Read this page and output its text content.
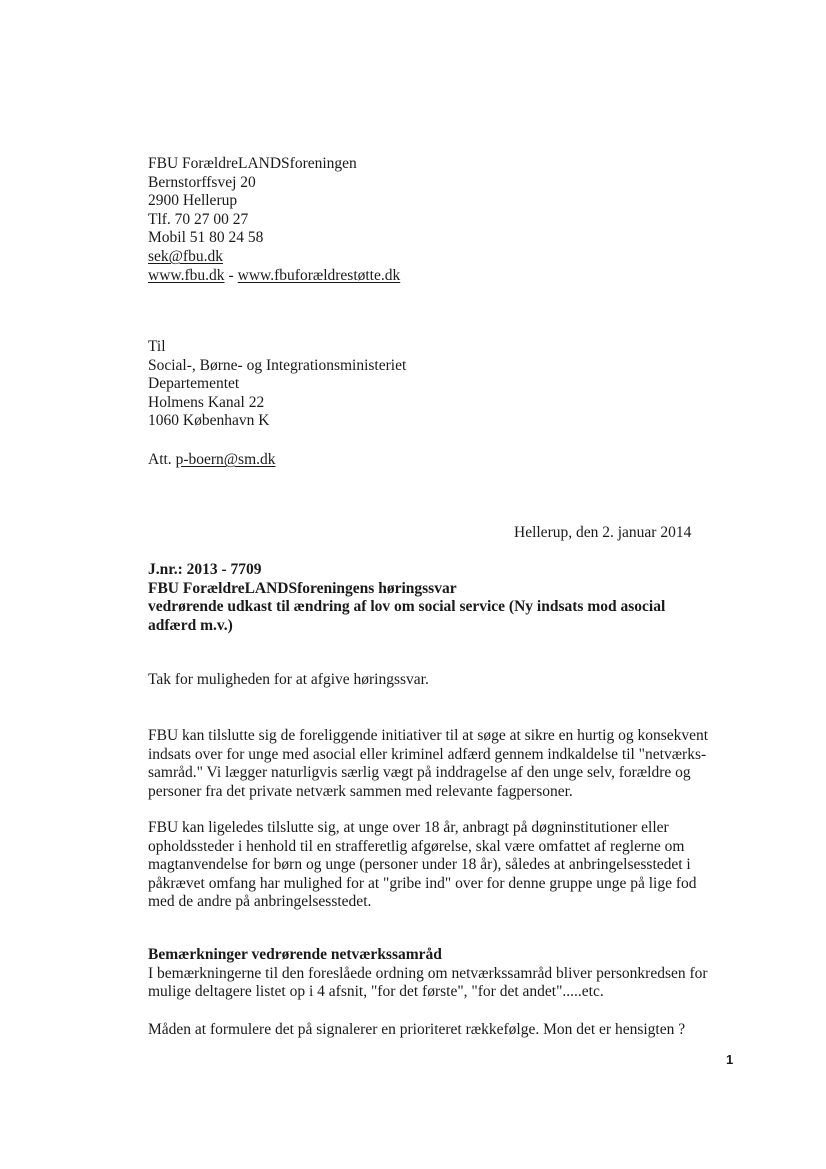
FBU ForældreLANDSforeningen
Bernstorffsvej 20
2900 Hellerup
Tlf. 70 27 00 27
Mobil 51 80 24 58
sek@fbu.dk
www.fbu.dk - www.fbuforældrestøtte.dk
Til
Social-, Børne- og Integrationsministeriet
Departementet
Holmens Kanal 22
1060 København K
Att. p-boern@sm.dk
Hellerup, den 2. januar 2014
J.nr.: 2013 - 7709
FBU ForældreLANDSforeningens høringssvar
vedrørende udkast til ændring af lov om social service (Ny indsats mod asocial
adfærd m.v.)
Tak for muligheden for at afgive høringssvar.
FBU kan tilslutte sig de foreliggende initiativer til at søge at sikre en hurtig og konsekvent
indsats over for unge med asocial eller kriminel adfærd gennem indkaldelse til "netværks-
samråd." Vi lægger naturligvis særlig vægt på inddragelse af den unge selv, forældre og
personer fra det private netværk sammen med relevante fagpersoner.
FBU kan ligeledes tilslutte sig, at unge over 18 år, anbragt på døgninstitutioner eller
opholdssteder i henhold til en strafferetlig afgørelse, skal være omfattet af reglerne om
magtanvendelse for børn og unge (personer under 18 år), således at anbringelsesstedet i
påkrævet omfang har mulighed for at "gribe ind" over for denne gruppe unge på lige fod
med de andre på anbringelsesstedet.
Bemærkninger vedrørende netværkssamråd
I bemærkningerne til den foreslåede ordning om netværkssamråd bliver personkredsen for
mulige deltagere listet op i 4 afsnit, "for det første", "for det andet".....etc.
Måden at formulere det på signalerer en prioriteret rækkefølge. Mon det er hensigten ?
1
